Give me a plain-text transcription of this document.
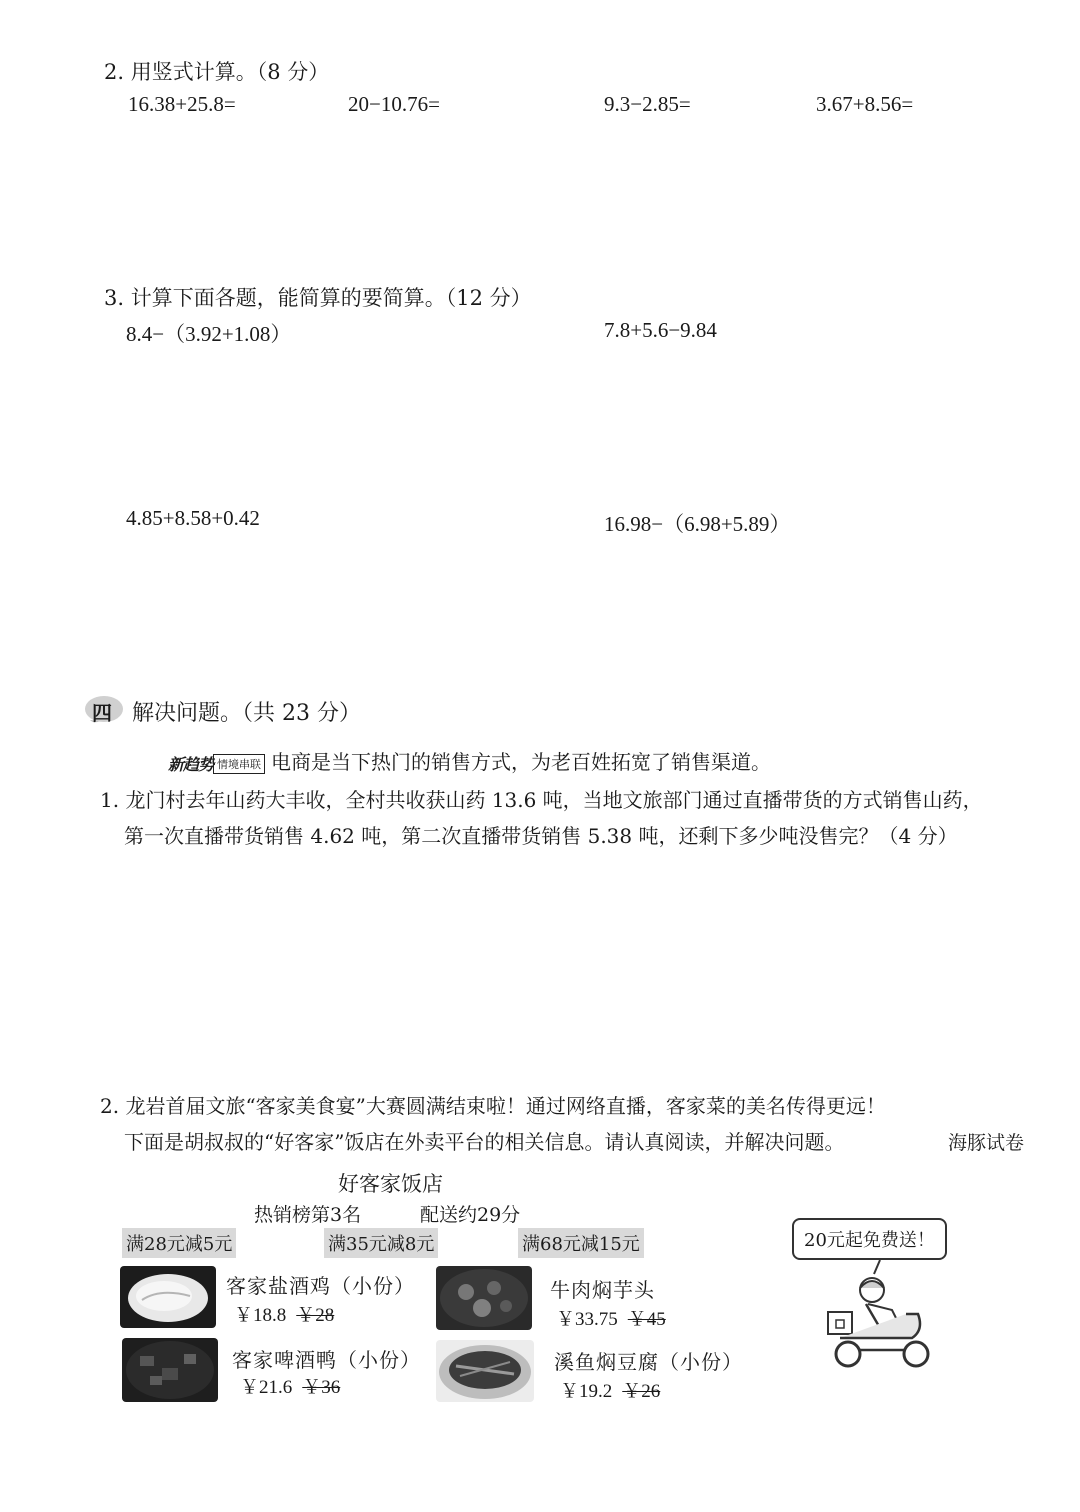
2. 用竖式计算。（8 分）
16.38+25.8=	20−10.76=	9.3−2.85=	3.67+8.56=
3. 计算下面各题，能简算的要简算。（12 分）
8.4−（3.92+1.08）	7.8+5.6−9.84
4.85+8.58+0.42	16.98−（6.98+5.89）
四 解决问题。（共 23 分）
新趋势 情境串联 电商是当下热门的销售方式，为老百姓拓宽了销售渠道。
1. 龙门村去年山药大丰收，全村共收获山药 13.6 吨，当地文旅部门通过直播带货的方式销售山药，
第一次直播带货销售 4.62 吨，第二次直播带货销售 5.38 吨，还剩下多少吨没售完？（4 分）
2. 龙岩首届文旅“客家美食宴”大赛圆满结束啦！通过网络直播，客家菜的美名传得更远！
下面是胡叔叔的“好客家”饭店在外卖平台的相关信息。请认真阅读，并解决问题。	海豚试卷
好客家饭店
热销榜第3名	配送约29分
满28元减5元	满35元减8元	满68元减15元
客家盐酒鸡（小份）
￥18.8 ￥28
牛肉焖芋头
￥33.75 ￥45
客家啤酒鸭（小份）
￥21.6 ￥36
溪鱼焖豆腐（小份）
￥19.2 ￥26
20元起免费送！
